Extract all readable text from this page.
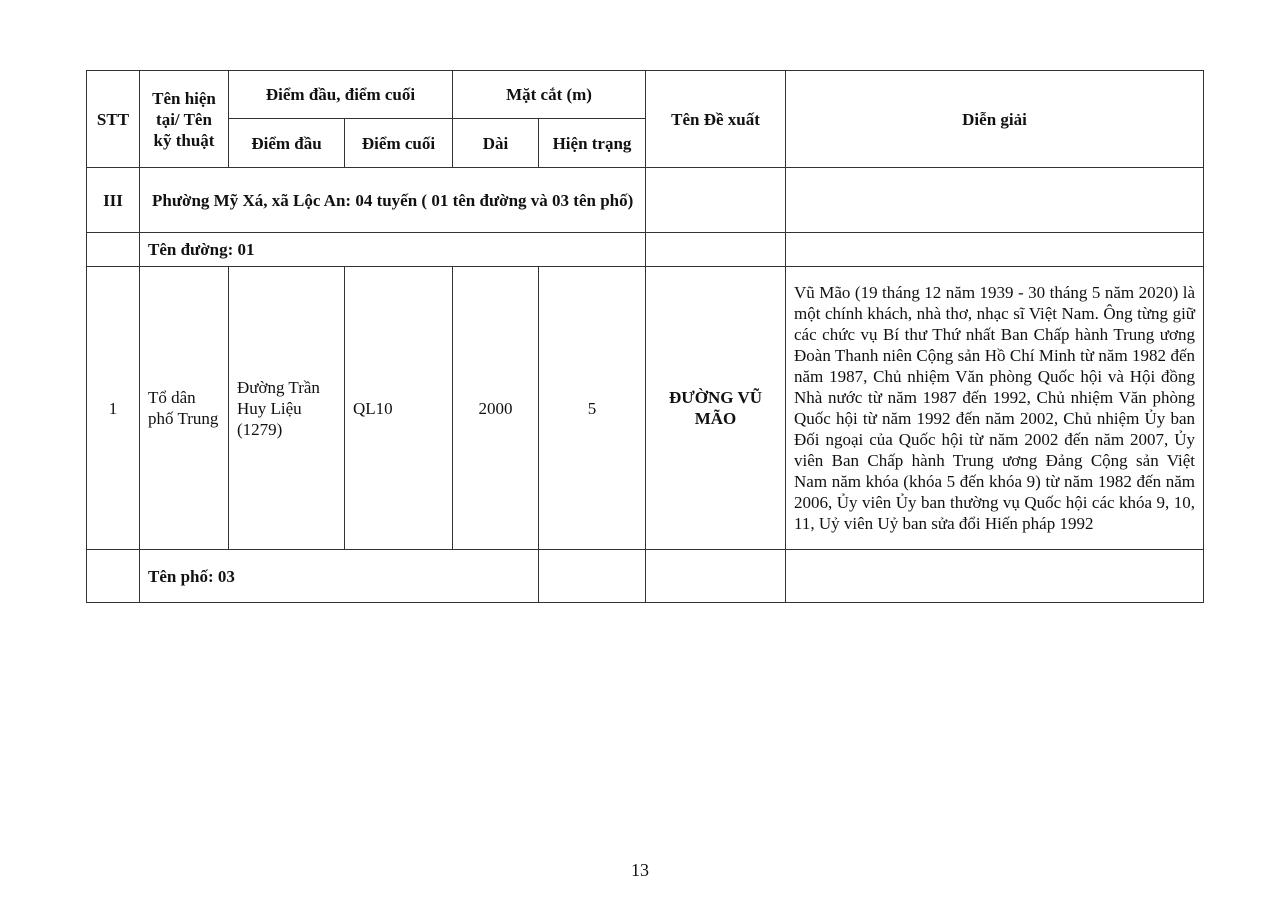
STT	Tên hiện tại/ Tên kỹ thuật	Điểm đầu, điểm cuối		Mặt cắt (m)		Tên Đề xuất	Diễn giải
		Điểm đầu	Điểm cuối	Dài	Hiện trạng		
III	Phường Mỹ Xá, xã Lộc An: 04 tuyến ( 01 tên đường và 03 tên phố)						
	Tên đường: 01						
1	Tổ dân phố Trung	Đường Trần Huy Liệu (1279)	QL10	2000	5	ĐƯỜNG VŨ MÃO	Vũ Mão (19 tháng 12 năm 1939 - 30 tháng 5 năm 2020) là một chính khách, nhà thơ, nhạc sĩ Việt Nam. Ông từng giữ các chức vụ Bí thư Thứ nhất Ban Chấp hành Trung ương Đoàn Thanh niên Cộng sản Hồ Chí Minh từ năm 1982 đến năm 1987, Chủ nhiệm Văn phòng Quốc hội và Hội đồng Nhà nước từ năm 1987 đến 1992, Chủ nhiệm Văn phòng Quốc hội từ năm 1992 đến năm 2002, Chủ nhiệm Ủy ban Đối ngoại của Quốc hội từ năm 2002 đến năm 2007, Ủy viên Ban Chấp hành Trung ương Đảng Cộng sản Việt Nam năm khóa (khóa 5 đến khóa 9) từ năm 1982 đến năm 2006, Ủy viên Ủy ban thường vụ Quốc hội các khóa 9, 10, 11, Uỷ viên Uỷ ban sửa đổi Hiến pháp 1992
	Tên phố: 03						
13
